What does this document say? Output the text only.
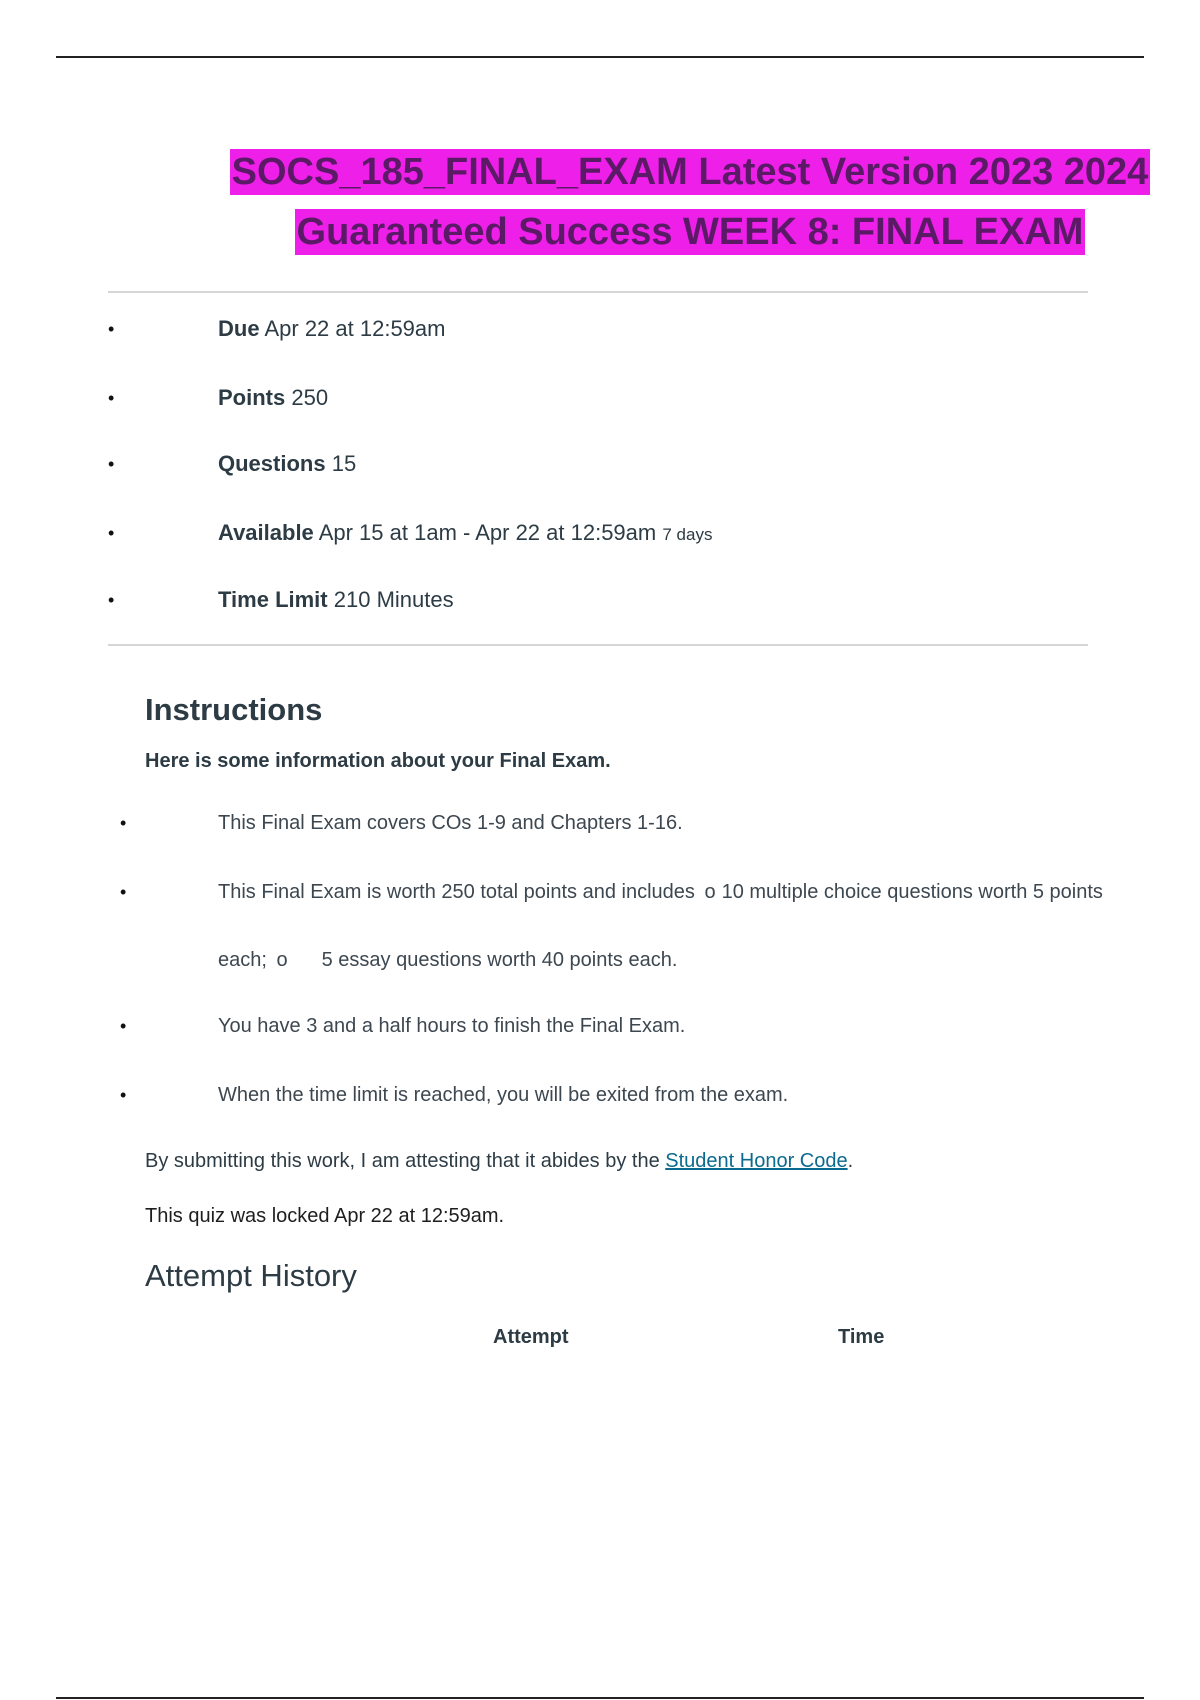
SOCS_185_FINAL_EXAM Latest Version 2023 2024
Guaranteed Success WEEK 8: FINAL EXAM
•	Due Apr 22 at 12:59am
•	Points 250
•	Questions 15
•	Available Apr 15 at 1am - Apr 22 at 12:59am 7 days
•	Time Limit 210 Minutes
Instructions
Here is some information about your Final Exam.
•	This Final Exam covers COs 1-9 and Chapters 1-16.
•	This Final Exam is worth 250 total points and includes o 10 multiple choice questions worth 5 points
each; o 5 essay questions worth 40 points each.
•	You have 3 and a half hours to finish the Final Exam.
•	When the time limit is reached, you will be exited from the exam.
By submitting this work, I am attesting that it abides by the Student Honor Code.
This quiz was locked Apr 22 at 12:59am.
Attempt History
Attempt	Time
